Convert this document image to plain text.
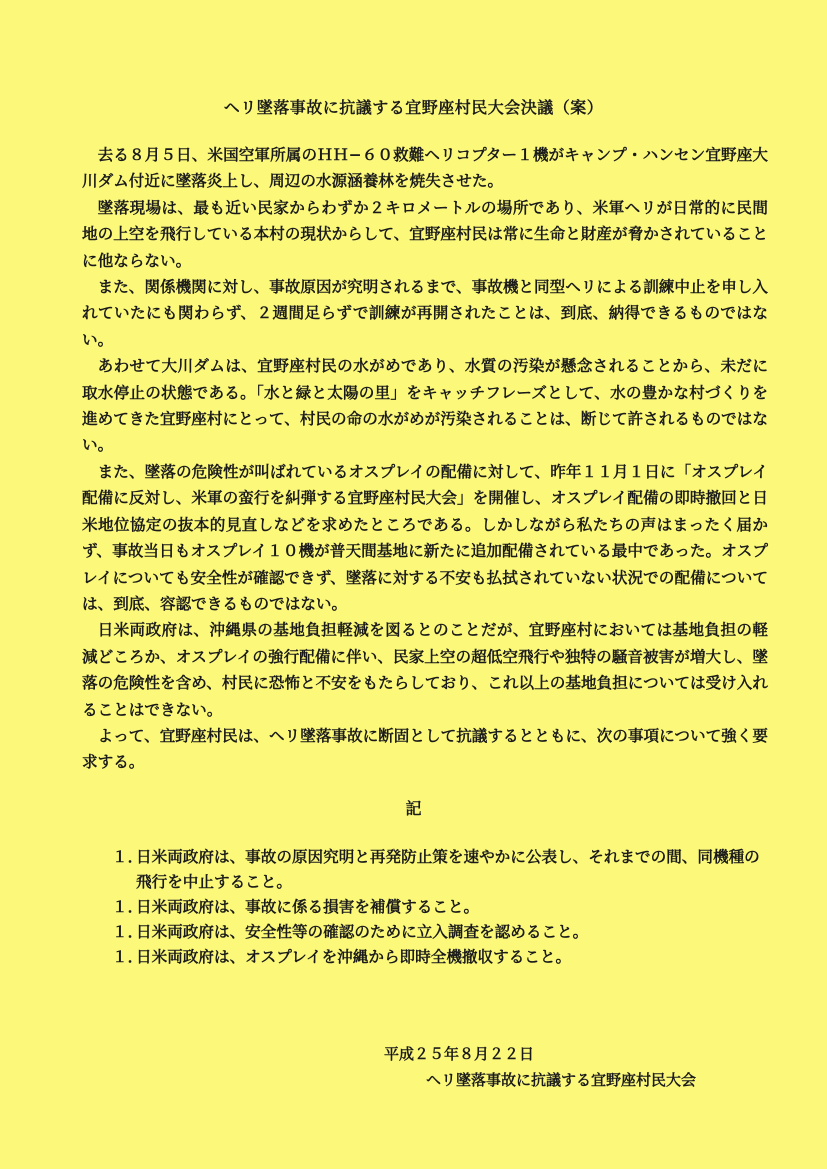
ヘリ墜落事故に抗議する宜野座村民大会決議（案）

去る８月５日、米国空軍所属のＨＨ−６０救難ヘリコプター１機がキャンプ・ハンセン宜野座大川ダム付近に墜落炎上し、周辺の水源涵養林を焼失させた。

墜落現場は、最も近い民家からわずか２キロメートルの場所であり、米軍ヘリが日常的に民間地の上空を飛行している本村の現状からして、宜野座村民は常に生命と財産が脅かされていることに他ならない。

また、関係機関に対し、事故原因が究明されるまで、事故機と同型ヘリによる訓練中止を申し入れていたにも関わらず、２週間足らずで訓練が再開されたことは、到底、納得できるものではない。

あわせて大川ダムは、宜野座村民の水がめであり、水質の汚染が懸念されることから、未だに取水停止の状態である。「水と緑と太陽の里」をキャッチフレーズとして、水の豊かな村づくりを進めてきた宜野座村にとって、村民の命の水がめが汚染されることは、断じて許されるものではない。

また、墜落の危険性が叫ばれているオスプレイの配備に対して、昨年１１月１日に「オスプレイ配備に反対し、米軍の蛮行を糾弾する宜野座村民大会」を開催し、オスプレイ配備の即時撤回と日米地位協定の抜本的見直しなどを求めたところである。しかしながら私たちの声はまったく届かず、事故当日もオスプレイ１０機が普天間基地に新たに追加配備されている最中であった。オスプレイについても安全性が確認できず、墜落に対する不安も払拭されていない状況での配備については、到底、容認できるものではない。

日米両政府は、沖縄県の基地負担軽減を図るとのことだが、宜野座村においては基地負担の軽減どころか、オスプレイの強行配備に伴い、民家上空の超低空飛行や独特の騒音被害が増大し、墜落の危険性を含め、村民に恐怖と不安をもたらしており、これ以上の基地負担については受け入れることはできない。

よって、宜野座村民は、ヘリ墜落事故に断固として抗議するとともに、次の事項について強く要求する。

記
１．
日米両政府は、事故の原因究明と再発防止策を速やかに公表し、それまでの間、同機種の飛行を中止すること。
１．
日米両政府は、事故に係る損害を補償すること。
１．
日米両政府は、安全性等の確認のために立入調査を認めること。
１．
日米両政府は、オスプレイを沖縄から即時全機撤収すること。
平成２５年８月２２日
ヘリ墜落事故に抗議する宜野座村民大会
